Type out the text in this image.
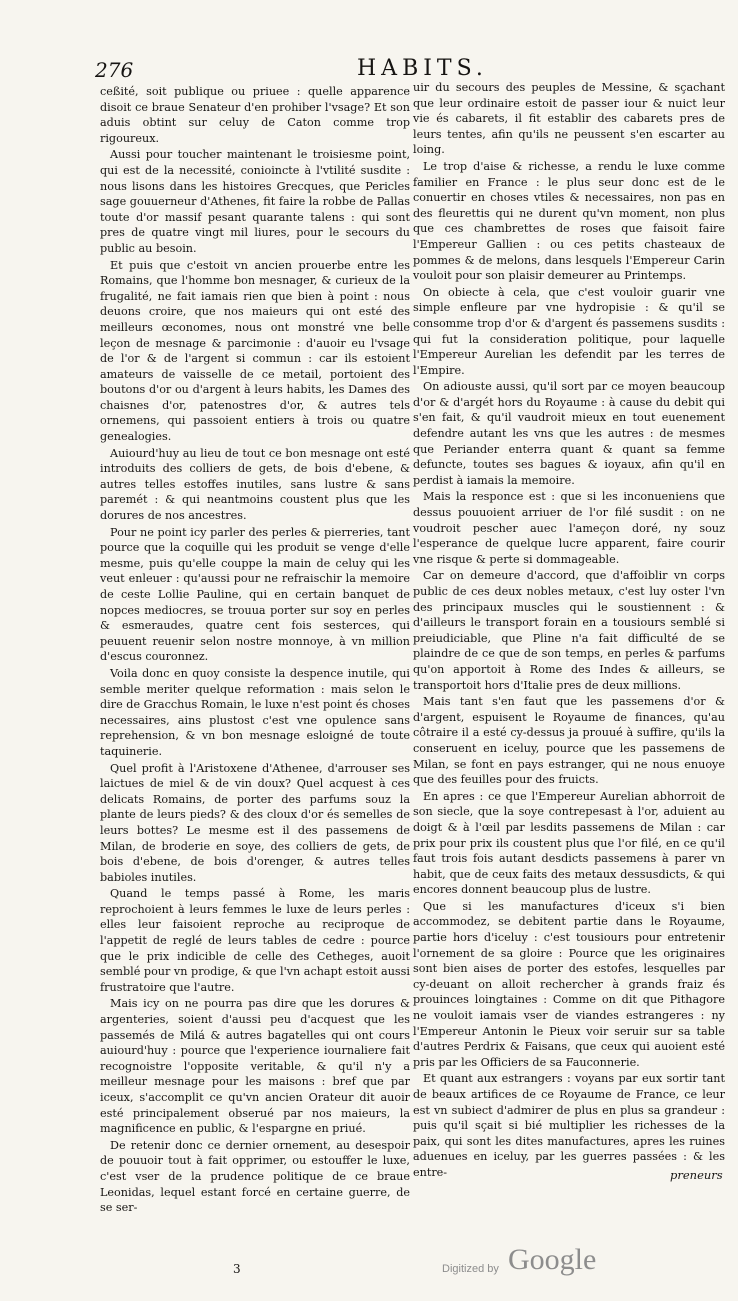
276	HABITS.

ceßité, soit publique ou priuee : quelle apparence disoit ce braue Senateur d'en prohiber l'vsage? Et son aduis obtint sur celuy de Caton comme trop rigoureux.

Aussi pour toucher maintenant le troisiesme point, qui est de la necessité, conioincte à l'vtilité susdite : nous lisons dans les histoires Grecques, que Pericles sage gouuerneur d'Athenes, fit faire la robbe de Pallas toute d'or massif pesant quarante talens : qui sont pres de quatre vingt mil liures, pour le secours du public au besoin.

Et puis que c'estoit vn ancien prouerbe entre les Romains, que l'homme bon mesnager, & curieux de la frugalité, ne fait iamais rien que bien à point : nous deuons croire, que nos maieurs qui ont esté des meilleurs œconomes, nous ont monstré vne belle leçon de mesnage & parcimonie : d'auoir eu l'vsage de l'or & de l'argent si commun : car ils estoient amateurs de vaisselle de ce metail, portoient des boutons d'or ou d'argent à leurs habits, les Dames des chaisnes d'or, patenostres d'or, & autres tels ornemens, qui passoient entiers à trois ou quatre genealogies.

Auiourd'huy au lieu de tout ce bon mesnage ont esté introduits des colliers de gets, de bois d'ebene, & autres telles estoffes inutiles, sans lustre & sans paremét : & qui neantmoins coustent plus que les dorures de nos ancestres.

Pour ne point icy parler des perles & pierreries, tant pource que la coquille qui les produit se venge d'elle mesme, puis qu'elle couppe la main de celuy qui les veut enleuer : qu'aussi pour ne refraischir la memoire de ceste Lollie Pauline, qui en certain banquet de nopces mediocres, se trouua porter sur soy en perles & esmeraudes, quatre cent fois sesterces, qui peuuent reuenir selon nostre monnoye, à vn million d'escus couronnez.

Voila donc en quoy consiste la despence inutile, qui semble meriter quelque reformation : mais selon le dire de Gracchus Romain, le luxe n'est point és choses necessaires, ains plustost c'est vne opulence sans reprehension, & vn bon mesnage esloigné de toute taquinerie.

Quel profit à l'Aristoxene d'Athenee, d'arrouser ses laictues de miel & de vin doux? Quel acquest à ces delicats Romains, de porter des parfums souz la plante de leurs pieds? & des cloux d'or és semelles de leurs bottes? Le mesme est il des passemens de Milan, de broderie en soye, des colliers de gets, de bois d'ebene, de bois d'orenger, & autres telles babioles inutiles.

Quand le temps passé à Rome, les maris reprochoient à leurs femmes le luxe de leurs perles : elles leur faisoient reproche au reciproque de l'appetit de reglé de leurs tables de cedre : pource que le prix indicible de celle des Cetheges, auoit semblé pour vn prodige, & que l'vn achapt estoit aussi frustratoire que l'autre.

Mais icy on ne pourra pas dire que les dorures & argenteries, soient d'aussi peu d'acquest que les passemés de Milá & autres bagatelles qui ont cours auiourd'huy : pource que l'experience iournaliere fait recognoistre l'opposite veritable, & qu'il n'y a meilleur mesnage pour les maisons : bref que par iceux, s'accomplit ce qu'vn ancien Orateur dit auoir esté principalement obserué par nos maieurs, la magnificence en public, & l'espargne en priué.

De retenir donc ce dernier ornement, au desespoir de pouuoir tout à fait opprimer, ou estouffer le luxe, c'est vser de la prudence politique de ce braue Leonidas, lequel estant forcé en certaine guerre, de se ser-

uir du secours des peuples de Messine, & sçachant que leur ordinaire estoit de passer iour & nuict leur vie és cabarets, il fit establir des cabarets pres de leurs tentes, afin qu'ils ne peussent s'en escarter au loing.

Le trop d'aise & richesse, a rendu le luxe comme familier en France : le plus seur donc est de le conuertir en choses vtiles & necessaires, non pas en des fleurettis qui ne durent qu'vn moment, non plus que ces chambrettes de roses que faisoit faire l'Empereur Gallien : ou ces petits chasteaux de pommes & de melons, dans lesquels l'Empereur Carin vouloit pour son plaisir demeurer au Printemps.

On obiecte à cela, que c'est vouloir guarir vne simple enfleure par vne hydropisie : & qu'il se consomme trop d'or & d'argent és passemens susdits : qui fut la consideration politique, pour laquelle l'Empereur Aurelian les defendit par les terres de l'Empire.

On adiouste aussi, qu'il sort par ce moyen beaucoup d'or & d'argét hors du Royaume : à cause du debit qui s'en fait, & qu'il vaudroit mieux en tout euenement defendre autant les vns que les autres : de mesmes que Periander enterra quant & quant sa femme defuncte, toutes ses bagues & ioyaux, afin qu'il en perdist à iamais la memoire.

Mais la responce est : que si les inconueniens que dessus pouuoient arriuer de l'or filé susdit : on ne voudroit pescher auec l'ameçon doré, ny souz l'esperance de quelque lucre apparent, faire courir vne risque & perte si dommageable.

Car on demeure d'accord, que d'affoiblir vn corps public de ces deux nobles metaux, c'est luy oster l'vn des principaux muscles qui le soustiennent : & d'ailleurs le transport forain en a tousiours semblé si preiudiciable, que Pline n'a fait difficulté de se plaindre de ce que de son temps, en perles & parfums qu'on apportoit à Rome des Indes & ailleurs, se transportoit hors d'Italie pres de deux millions.

Mais tant s'en faut que les passemens d'or & d'argent, espuisent le Royaume de finances, qu'au côtraire il a esté cy-dessus ja prouué à suffire, qu'ils la conseruent en iceluy, pource que les passemens de Milan, se font en pays estranger, qui ne nous enuoye que des feuilles pour des fruicts.

En apres : ce que l'Empereur Aurelian abhorroit de son siecle, que la soye contrepesast à l'or, aduient au doigt & à l'œil par lesdits passemens de Milan : car prix pour prix ils coustent plus que l'or filé, en ce qu'il faut trois fois autant desdicts passemens à parer vn habit, que de ceux faits des metaux dessusdicts, & qui encores donnent beaucoup plus de lustre.

Que si les manufactures d'iceux s'i bien accommodez, se debitent partie dans le Royaume, partie hors d'iceluy : c'est tousiours pour entretenir l'ornement de sa gloire : Pource que les originaires sont bien aises de porter des estofes, lesquelles par cy-deuant on alloit rechercher à grands fraiz és prouinces loingtaines : Comme on dit que Pithagore ne vouloit iamais vser de viandes estrangeres : ny l'Empereur Antonin le Pieux voir seruir sur sa table d'autres Perdrix & Faisans, que ceux qui auoient esté pris par les Officiers de sa Fauconnerie.

Et quant aux estrangers : voyans par eux sortir tant de beaux artifices de ce Royaume de France, ce leur est vn subiect d'admirer de plus en plus sa grandeur : puis qu'il sçait si bié multiplier les richesses de la paix, qui sont les dites manufactures, apres les ruines aduenues en iceluy, par les guerres passées : & les entre-	preneurs
3	Digitized by Google
